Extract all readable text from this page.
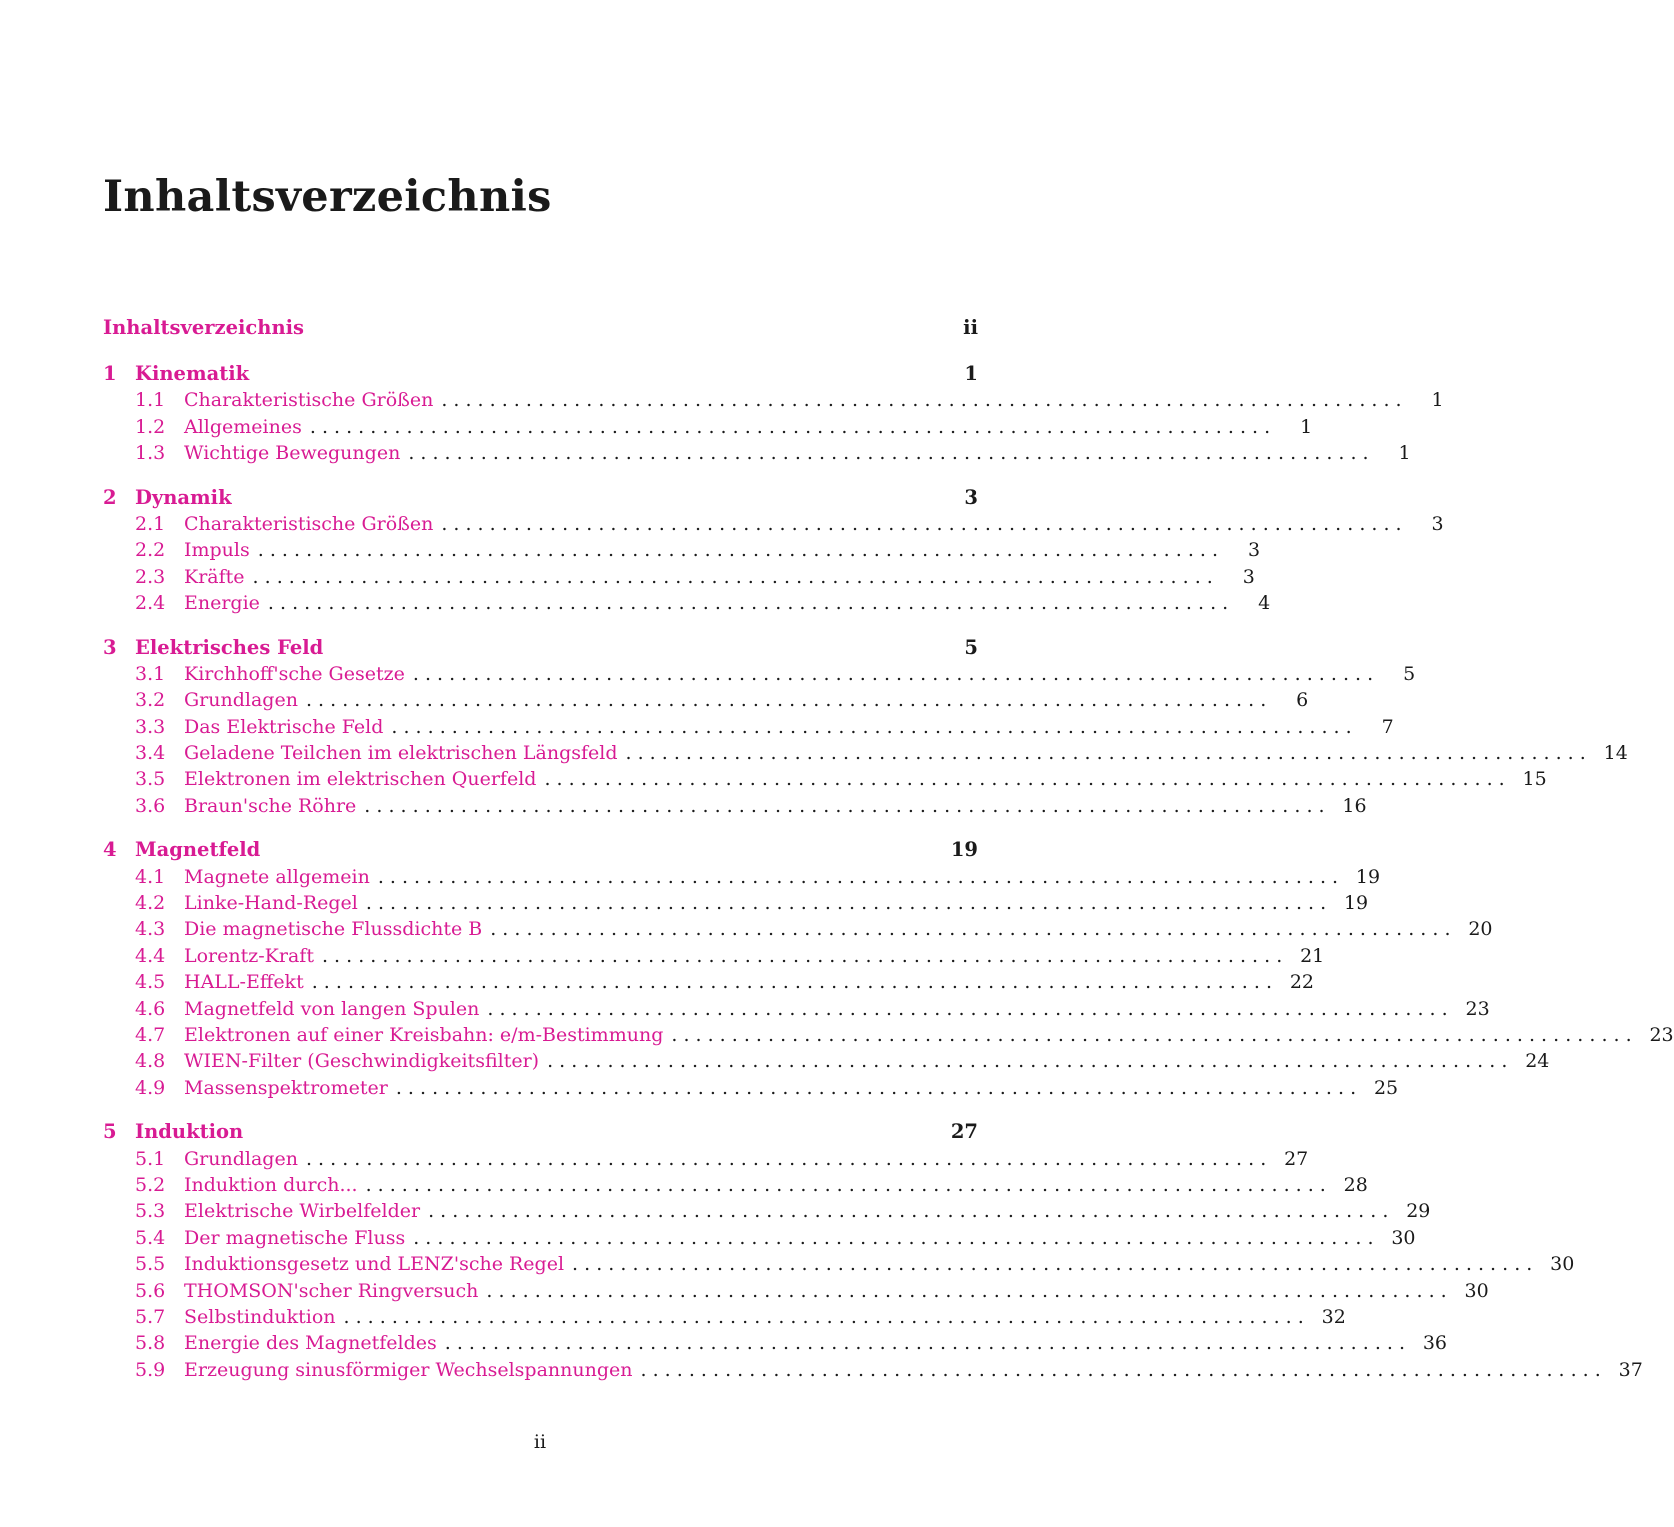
Inhaltsverzeichnis
Inhaltsverzeichnis	ii
1 Kinematik	1
1.1 Charakteristische Größen . . . . . . . . . . . . . . . . . . . . . . . . . . . . . . . . . . . . . . . . . . . . . . . . . . . . . . . . . . . . . . . . . . . . . . . . . . . . . . . .	1
1.2 Allgemeines . . . . . . . . . . . . . . . . . . . . . . . . . . . . . . . . . . . . . . . . . . . . . . . . . . . . . . . . . . . . . . . . . . . . . . . . . . . . . . . .	1
1.3 Wichtige Bewegungen . . . . . . . . . . . . . . . . . . . . . . . . . . . . . . . . . . . . . . . . . . . . . . . . . . . . . . . . . . . . . . . . . . . . . . . . . . . . . . . .	1
2 Dynamik	3
2.1 Charakteristische Größen . . . . . . . . . . . . . . . . . . . . . . . . . . . . . . . . . . . . . . . . . . . . . . . . . . . . . . . . . . . . . . . . . . . . . . . . . . . . . . . .	3
2.2 Impuls . . . . . . . . . . . . . . . . . . . . . . . . . . . . . . . . . . . . . . . . . . . . . . . . . . . . . . . . . . . . . . . . . . . . . . . . . . . . . . . .	3
2.3 Kräfte . . . . . . . . . . . . . . . . . . . . . . . . . . . . . . . . . . . . . . . . . . . . . . . . . . . . . . . . . . . . . . . . . . . . . . . . . . . . . . . .	3
2.4 Energie . . . . . . . . . . . . . . . . . . . . . . . . . . . . . . . . . . . . . . . . . . . . . . . . . . . . . . . . . . . . . . . . . . . . . . . . . . . . . . . .	4
3 Elektrisches Feld	5
3.1 Kirchhoff'sche Gesetze . . . . . . . . . . . . . . . . . . . . . . . . . . . . . . . . . . . . . . . . . . . . . . . . . . . . . . . . . . . . . . . . . . . . . . . . . . . . . . . .	5
3.2 Grundlagen . . . . . . . . . . . . . . . . . . . . . . . . . . . . . . . . . . . . . . . . . . . . . . . . . . . . . . . . . . . . . . . . . . . . . . . . . . . . . . . .	6
3.3 Das Elektrische Feld . . . . . . . . . . . . . . . . . . . . . . . . . . . . . . . . . . . . . . . . . . . . . . . . . . . . . . . . . . . . . . . . . . . . . . . . . . . . . . . .	7
3.4 Geladene Teilchen im elektrischen Längsfeld . . . . . . . . . . . . . . . . . . . . . . . . . . . . . . . . . . . . . . . . . . . . . . . . . . . . . . . . . . . . . . . . . . . . . . . . . . . . . . . . 14
3.5 Elektronen im elektrischen Querfeld . . . . . . . . . . . . . . . . . . . . . . . . . . . . . . . . . . . . . . . . . . . . . . . . . . . . . . . . . . . . . . . . . . . . . . . . . . . . . . . . 15
3.6 Braun'sche Röhre . . . . . . . . . . . . . . . . . . . . . . . . . . . . . . . . . . . . . . . . . . . . . . . . . . . . . . . . . . . . . . . . . . . . . . . . . . . . . . . . 16
4 Magnetfeld	19
4.1 Magnete allgemein . . . . . . . . . . . . . . . . . . . . . . . . . . . . . . . . . . . . . . . . . . . . . . . . . . . . . . . . . . . . . . . . . . . . . . . . . . . . . . . . 19
4.2 Linke-Hand-Regel . . . . . . . . . . . . . . . . . . . . . . . . . . . . . . . . . . . . . . . . . . . . . . . . . . . . . . . . . . . . . . . . . . . . . . . . . . . . . . . . 19
4.3 Die magnetische Flussdichte B . . . . . . . . . . . . . . . . . . . . . . . . . . . . . . . . . . . . . . . . . . . . . . . . . . . . . . . . . . . . . . . . . . . . . . . . . . . . . . . . 20
4.4 Lorentz-Kraft . . . . . . . . . . . . . . . . . . . . . . . . . . . . . . . . . . . . . . . . . . . . . . . . . . . . . . . . . . . . . . . . . . . . . . . . . . . . . . . . 21
4.5 HALL-Effekt . . . . . . . . . . . . . . . . . . . . . . . . . . . . . . . . . . . . . . . . . . . . . . . . . . . . . . . . . . . . . . . . . . . . . . . . . . . . . . . . 22
4.6 Magnetfeld von langen Spulen . . . . . . . . . . . . . . . . . . . . . . . . . . . . . . . . . . . . . . . . . . . . . . . . . . . . . . . . . . . . . . . . . . . . . . . . . . . . . . . . 23
4.7 Elektronen auf einer Kreisbahn: e/m-Bestimmung . . . . . . . . . . . . . . . . . . . . . . . . . . . . . . . . . . . . . . . . . . . . . . . . . . . . . . . . . . . . . . . . . . . . . . . . . . . . . . . . 23
4.8 WIEN-Filter (Geschwindigkeitsfilter) . . . . . . . . . . . . . . . . . . . . . . . . . . . . . . . . . . . . . . . . . . . . . . . . . . . . . . . . . . . . . . . . . . . . . . . . . . . . . . . . 24
4.9 Massenspektrometer . . . . . . . . . . . . . . . . . . . . . . . . . . . . . . . . . . . . . . . . . . . . . . . . . . . . . . . . . . . . . . . . . . . . . . . . . . . . . . . . 25
5 Induktion	27
5.1 Grundlagen . . . . . . . . . . . . . . . . . . . . . . . . . . . . . . . . . . . . . . . . . . . . . . . . . . . . . . . . . . . . . . . . . . . . . . . . . . . . . . . . 27
5.2 Induktion durch... . . . . . . . . . . . . . . . . . . . . . . . . . . . . . . . . . . . . . . . . . . . . . . . . . . . . . . . . . . . . . . . . . . . . . . . . . . . . . . . . 28
5.3 Elektrische Wirbelfelder . . . . . . . . . . . . . . . . . . . . . . . . . . . . . . . . . . . . . . . . . . . . . . . . . . . . . . . . . . . . . . . . . . . . . . . . . . . . . . . . 29
5.4 Der magnetische Fluss . . . . . . . . . . . . . . . . . . . . . . . . . . . . . . . . . . . . . . . . . . . . . . . . . . . . . . . . . . . . . . . . . . . . . . . . . . . . . . . . 30
5.5 Induktionsgesetz und LENZ'sche Regel . . . . . . . . . . . . . . . . . . . . . . . . . . . . . . . . . . . . . . . . . . . . . . . . . . . . . . . . . . . . . . . . . . . . . . . . . . . . . . . . 30
5.6 THOMSON'scher Ringversuch . . . . . . . . . . . . . . . . . . . . . . . . . . . . . . . . . . . . . . . . . . . . . . . . . . . . . . . . . . . . . . . . . . . . . . . . . . . . . . . . 30
5.7 Selbstinduktion . . . . . . . . . . . . . . . . . . . . . . . . . . . . . . . . . . . . . . . . . . . . . . . . . . . . . . . . . . . . . . . . . . . . . . . . . . . . . . . . 32
5.8 Energie des Magnetfeldes . . . . . . . . . . . . . . . . . . . . . . . . . . . . . . . . . . . . . . . . . . . . . . . . . . . . . . . . . . . . . . . . . . . . . . . . . . . . . . . . 36
5.9 Erzeugung sinusförmiger Wechselspannungen . . . . . . . . . . . . . . . . . . . . . . . . . . . . . . . . . . . . . . . . . . . . . . . . . . . . . . . . . . . . . . . . . . . . . . . . . . . . . . . . 37
ii
